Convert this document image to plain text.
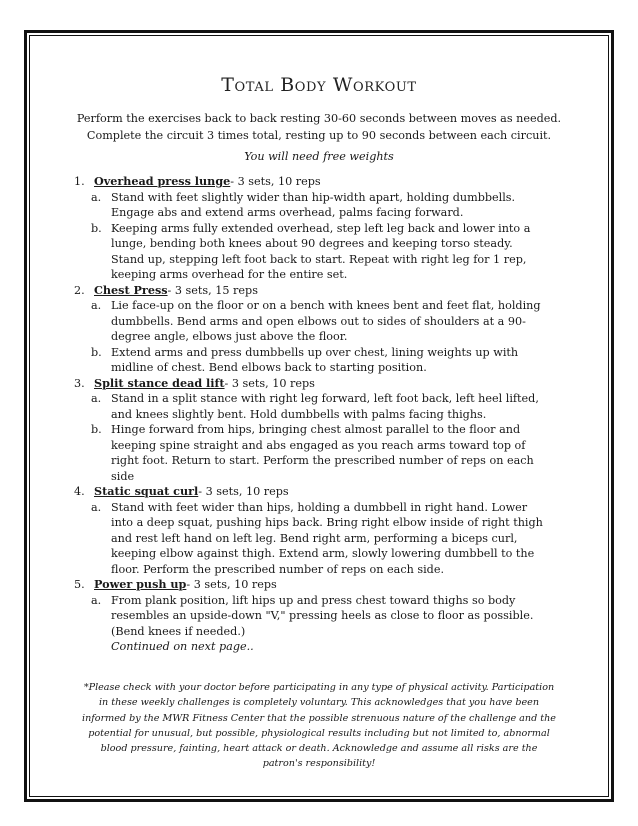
Total Body Workout
Perform the exercises back to back resting 30-60 seconds between moves as needed.
Complete the circuit 3 times total, resting up to 90 seconds between each circuit.
You will need free weights
1. Overhead press lunge- 3 sets, 10 reps
a. Stand with feet slightly wider than hip-width apart, holding dumbbells.
Engage abs and extend arms overhead, palms facing forward.
b. Keeping arms fully extended overhead, step left leg back and lower into a
lunge, bending both knees about 90 degrees and keeping torso steady.
Stand up, stepping left foot back to start. Repeat with right leg for 1 rep,
keeping arms overhead for the entire set.
2. Chest Press- 3 sets, 15 reps
a. Lie face-up on the floor or on a bench with knees bent and feet flat, holding
dumbbells. Bend arms and open elbows out to sides of shoulders at a 90-
degree angle, elbows just above the floor.
b. Extend arms and press dumbbells up over chest, lining weights up with
midline of chest. Bend elbows back to starting position.
3. Split stance dead lift- 3 sets, 10 reps
a. Stand in a split stance with right leg forward, left foot back, left heel lifted,
and knees slightly bent. Hold dumbbells with palms facing thighs.
b. Hinge forward from hips, bringing chest almost parallel to the floor and
keeping spine straight and abs engaged as you reach arms toward top of
right foot. Return to start. Perform the prescribed number of reps on each
side
4. Static squat curl- 3 sets, 10 reps
a. Stand with feet wider than hips, holding a dumbbell in right hand. Lower
into a deep squat, pushing hips back. Bring right elbow inside of right thigh
and rest left hand on left leg. Bend right arm, performing a biceps curl,
keeping elbow against thigh. Extend arm, slowly lowering dumbbell to the
floor. Perform the prescribed number of reps on each side.
5. Power push up- 3 sets, 10 reps
a. From plank position, lift hips up and press chest toward thighs so body
resembles an upside-down "V," pressing heels as close to floor as possible.
(Bend knees if needed.)
Continued on next page..
*Please check with your doctor before participating in any type of physical activity. Participation
in these weekly challenges is completely voluntary. This acknowledges that you have been
informed by the MWR Fitness Center that the possible strenuous nature of the challenge and the
potential for unusual, but possible, physiological results including but not limited to, abnormal
blood pressure, fainting, heart attack or death. Acknowledge and assume all risks are the
patron's responsibility!
